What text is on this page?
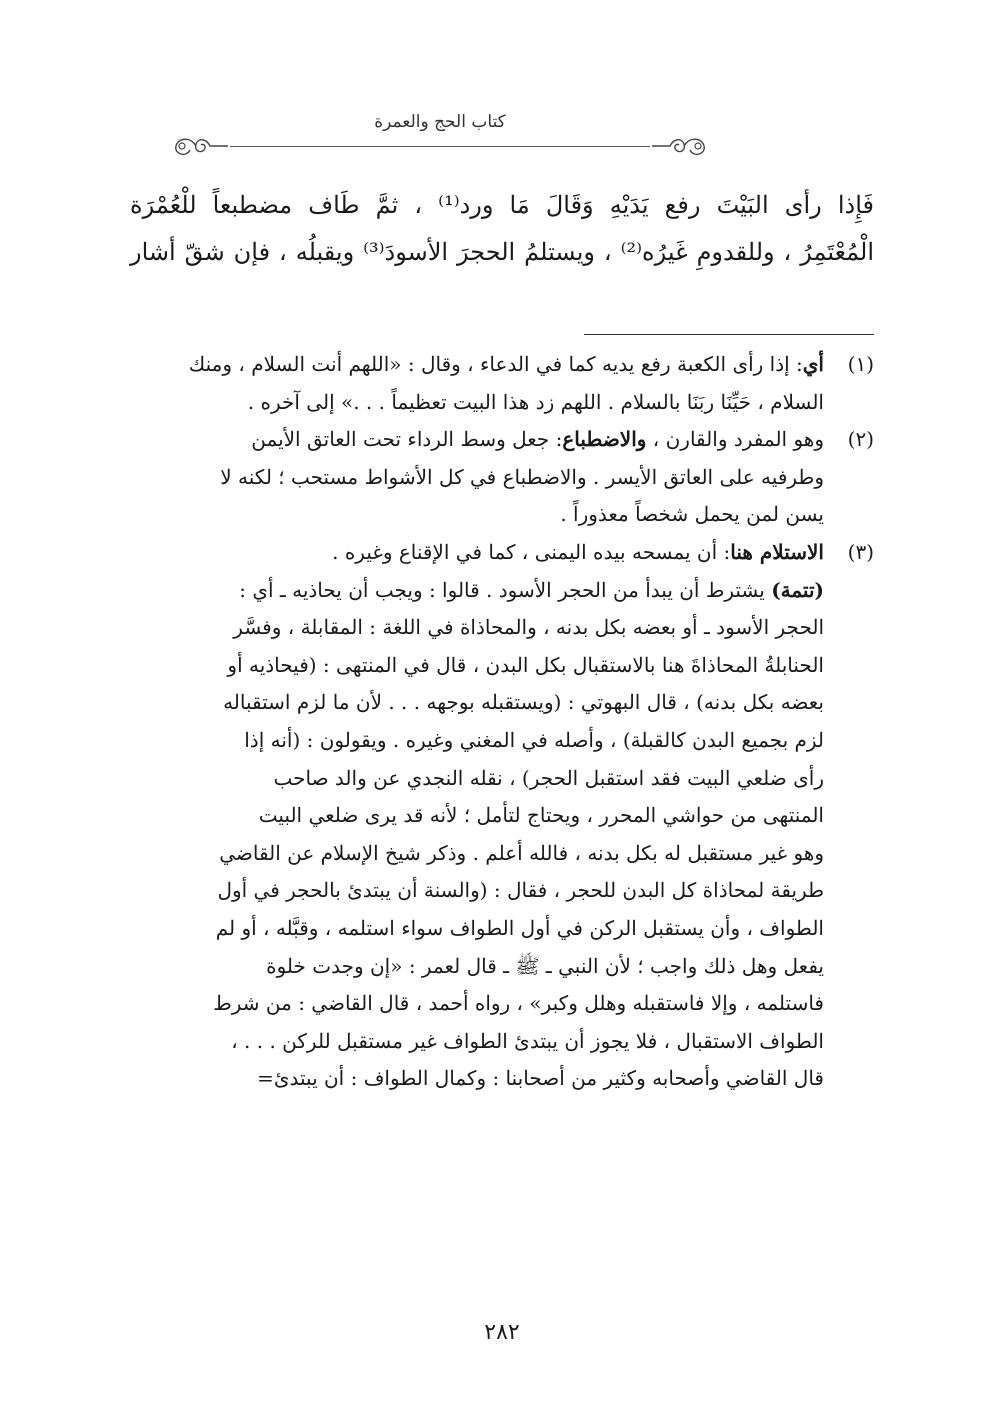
كتاب الحج والعمرة

فَإِذا رأى البَيْتَ رفع يَدَيْهِ وَقَالَ مَا ورد⁽¹⁾ ، ثمَّ طَاف مضطبعاً للْعُمْرَة

الْمُعْتَمِرُ ، وللقدومِ غَيرُه⁽²⁾ ، ويستلمُ الحجرَ الأسودَ⁽³⁾ ويقبلُه ، فإن شقّ أشار

(١)

أي: إذا رأى الكعبة رفع يديه كما في الدعاء ، وقال : «اللهم أنت السلام ، ومنك

السلام ، حَيِّنَا ربَنَا بالسلام . اللهم زد هذا البيت تعظيماً . . .» إلى آخره .

(٢)

وهو المفرد والقارن ، والاضطباع: جعل وسط الرداء تحت العاتق الأيمن

وطرفيه على العاتق الأيسر . والاضطباع في كل الأشواط مستحب ؛ لكنه لا

يسن لمن يحمل شخصاً معذوراً .

(٣)

الاستلام هنا: أن يمسحه بيده اليمنى ، كما في الإقناع وغيره .

(تتمة) يشترط أن يبدأ من الحجر الأسود . قالوا : ويجب أن يحاذيه ـ أي :

الحجر الأسود ـ أو بعضه بكل بدنه ، والمحاذاة في اللغة : المقابلة ، وفسَّر

الحنابلةُ المحاذاةَ هنا بالاستقبال بكل البدن ، قال في المنتهى : (فيحاذيه أو

بعضه بكل بدنه) ، قال البهوتي : (ويستقبله بوجهه . . . لأن ما لزم استقباله

لزم بجميع البدن كالقبلة) ، وأصله في المغني وغيره . ويقولون : (أنه إذا

رأى ضلعي البيت فقد استقبل الحجر) ، نقله النجدي عن والد صاحب

المنتهى من حواشي المحرر ، ويحتاج لتأمل ؛ لأنه قد يرى ضلعي البيت

وهو غير مستقبل له بكل بدنه ، فالله أعلم . وذكر شيخ الإسلام عن القاضي

طريقة لمحاذاة كل البدن للحجر ، فقال : (والسنة أن يبتدئ بالحجر في أول

الطواف ، وأن يستقبل الركن في أول الطواف سواء استلمه ، وقبَّله ، أو لم

يفعل وهل ذلك واجب ؛ لأن النبي ـ ﷺ ـ قال لعمر : «إن وجدت خلوة

فاستلمه ، وإلا فاستقبله وهلل وكبر» ، رواه أحمد ، قال القاضي : من شرط

الطواف الاستقبال ، فلا يجوز أن يبتدئ الطواف غير مستقبل للركن . . . ،

قال القاضي وأصحابه وكثير من أصحابنا : وكمال الطواف : أن يبتدئ=

٢٨٢
